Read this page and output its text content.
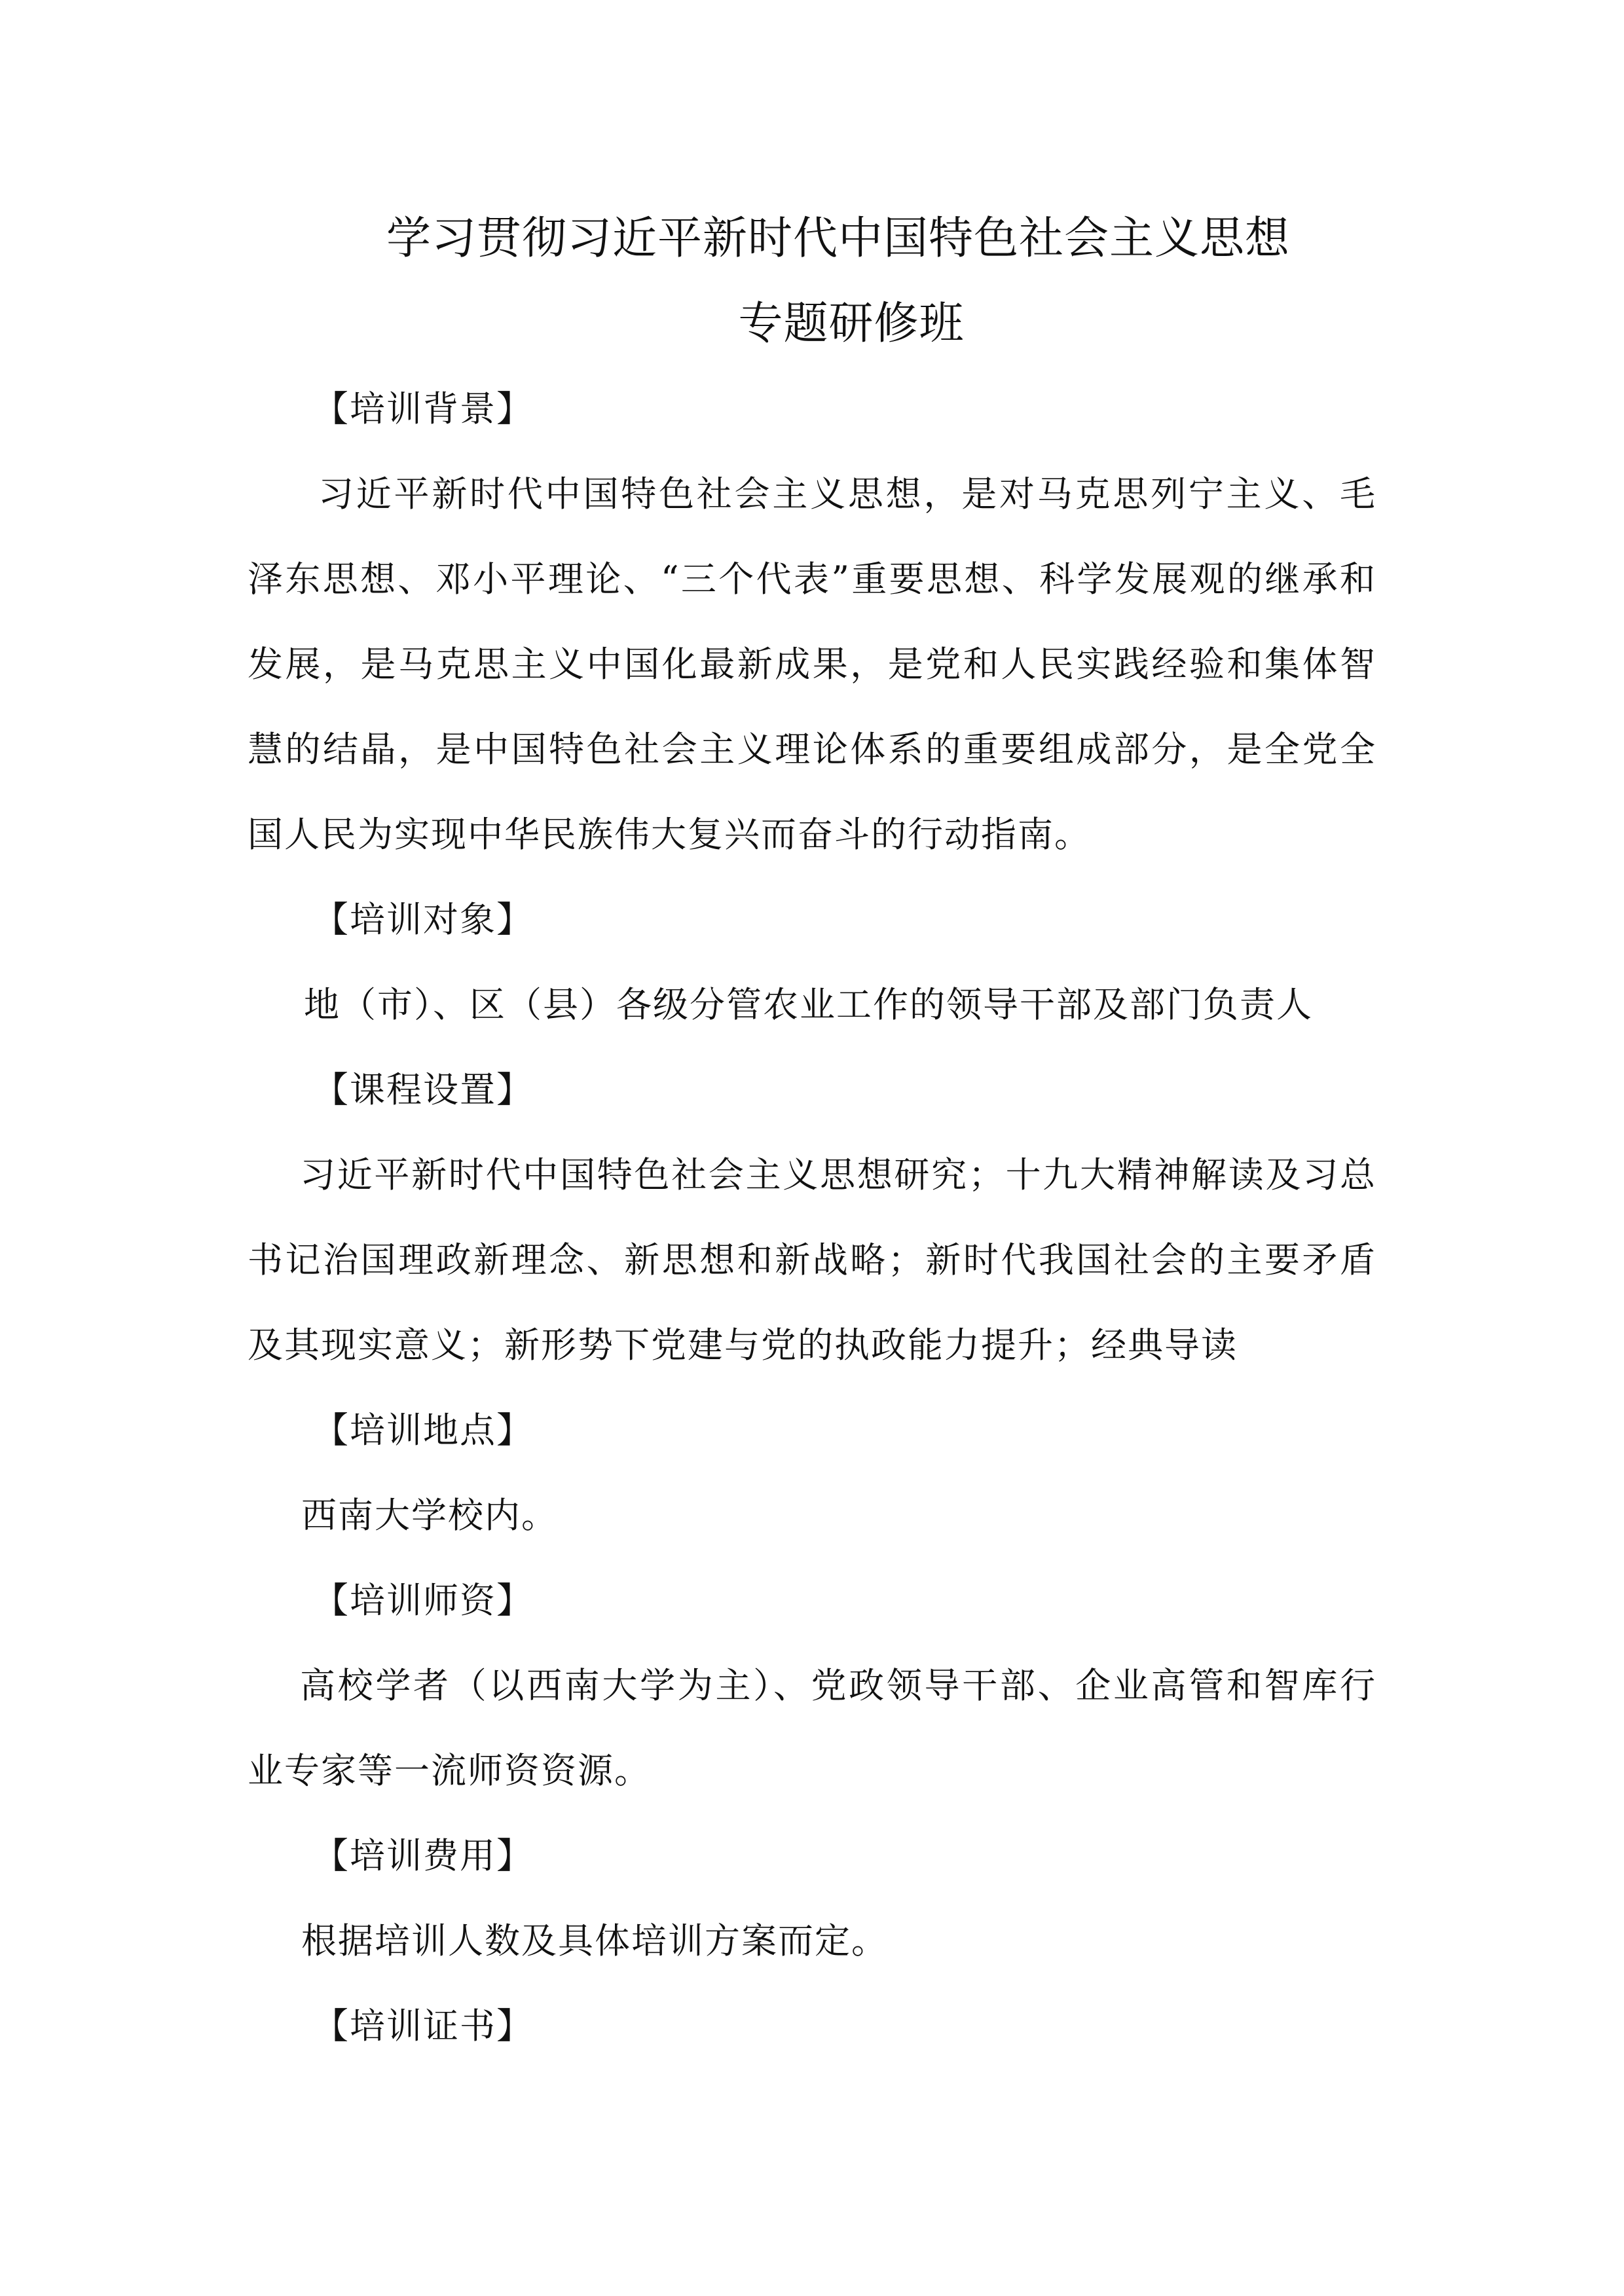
学习贯彻习近平新时代中国特色社会主义思想
专题研修班

【培训背景】

习近平新时代中国特色社会主义思想，是对马克思列宁主义、毛泽东思想、邓小平理论、“三个代表”重要思想、科学发展观的继承和发展，是马克思主义中国化最新成果，是党和人民实践经验和集体智慧的结晶，是中国特色社会主义理论体系的重要组成部分，是全党全国人民为实现中华民族伟大复兴而奋斗的行动指南。

【培训对象】

地（市）、区（县）各级分管农业工作的领导干部及部门负责人

【课程设置】

习近平新时代中国特色社会主义思想研究；十九大精神解读及习总书记治国理政新理念、新思想和新战略；新时代我国社会的主要矛盾及其现实意义；新形势下党建与党的执政能力提升；经典导读

【培训地点】

西南大学校内。

【培训师资】

高校学者（以西南大学为主）、党政领导干部、企业高管和智库行业专家等一流师资资源。

【培训费用】

根据培训人数及具体培训方案而定。

【培训证书】
